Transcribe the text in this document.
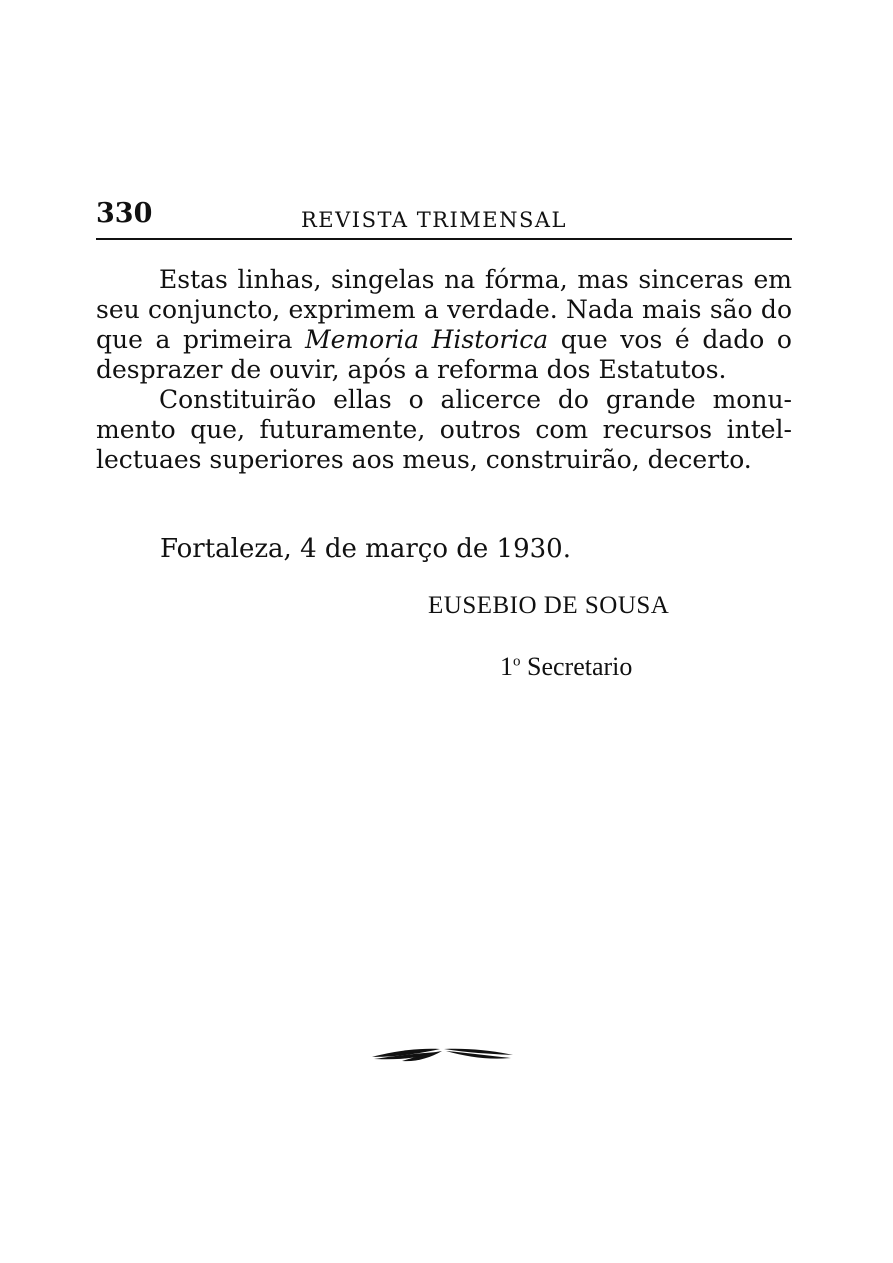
330	REVISTA TRIMENSAL

Estas linhas, singelas na fórma, mas sinceras em seu conjuncto, exprimem a verdade. Nada mais são do que a primeira Memoria Historica que vos é dado o desprazer de ouvir, após a reforma dos Estatutos.

Constituirão ellas o alicerce do grande monumento que, futuramente, outros com recursos intellectuaes superiores aos meus, construirão, decerto.

Fortaleza, 4 de março de 1930.
EUSEBIO DE SOUSA
1$^o$ Secretario
